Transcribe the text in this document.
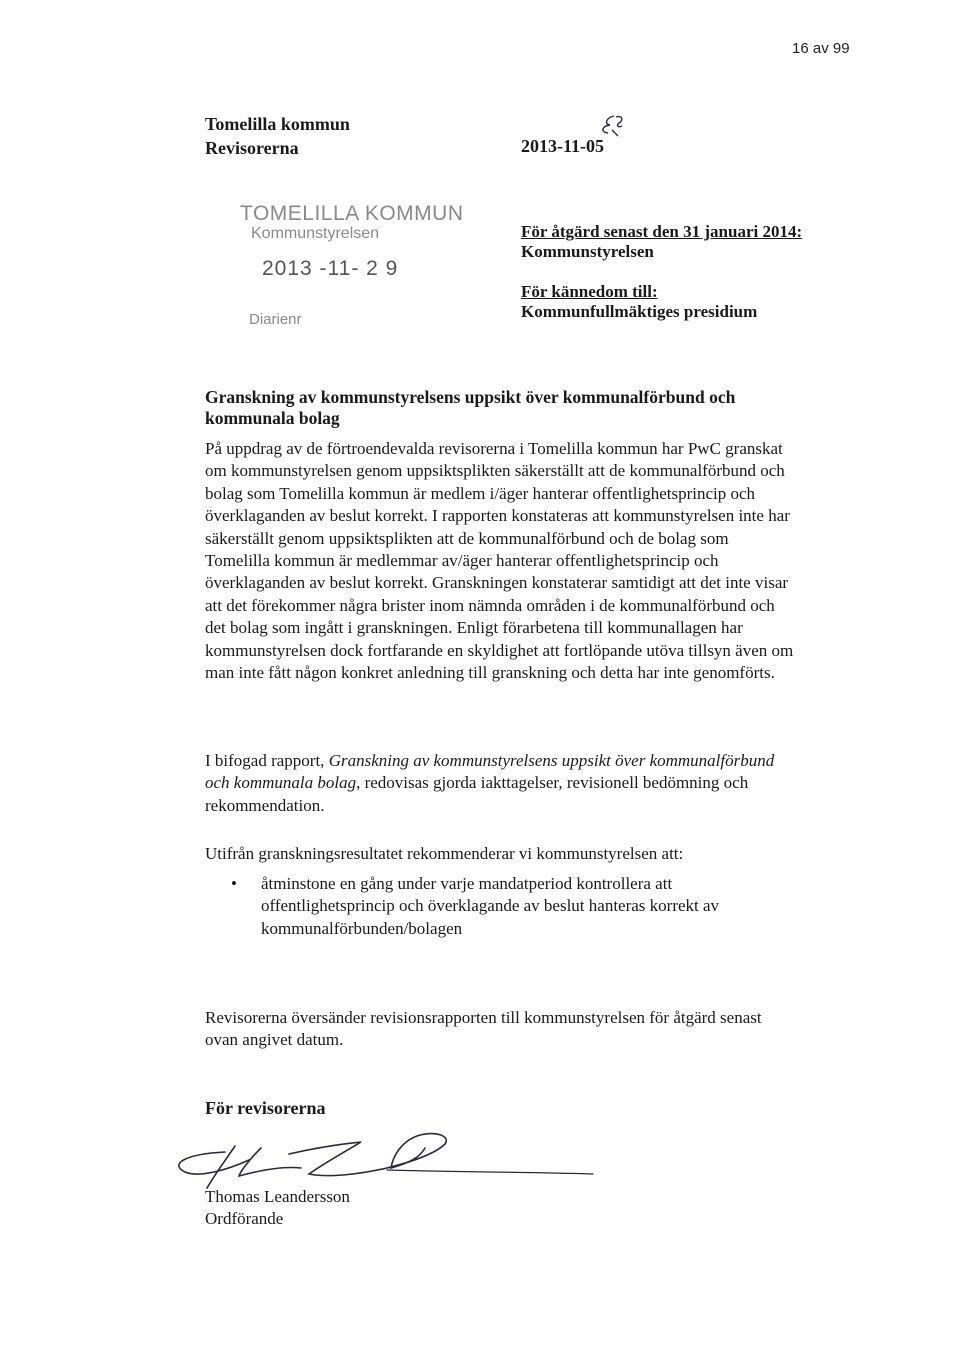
16 av 99
Tomelilla kommun
Revisorerna	2013-11-05
TOMELILLA KOMMUN
Kommunstyrelsen
2013 -11- 2 9
Diarienr
För åtgärd senast den 31 januari 2014:
Kommunstyrelsen
För kännedom till:
Kommunfullmäktiges presidium
Granskning av kommunstyrelsens uppsikt över kommunalförbund och kommunala bolag
På uppdrag av de förtroendevalda revisorerna i Tomelilla kommun har PwC granskat om kommunstyrelsen genom uppsiktsplikten säkerställt att de kommunalförbund och bolag som Tomelilla kommun är medlem i/äger hanterar offentlighetsprincip och överklaganden av beslut korrekt. I rapporten konstateras att kommunstyrelsen inte har säkerställt genom uppsiktsplikten att de kommunalförbund och de bolag som Tomelilla kommun är medlemmar av/äger hanterar offentlighetsprincip och överklaganden av beslut korrekt. Granskningen konstaterar samtidigt att det inte visar att det förekommer några brister inom nämnda områden i de kommunalförbund och det bolag som ingått i granskningen. Enligt förarbetena till kommunallagen har kommunstyrelsen dock fortfarande en skyldighet att fortlöpande utöva tillsyn även om man inte fått någon konkret anledning till granskning och detta har inte genomförts.
I bifogad rapport, Granskning av kommunstyrelsens uppsikt över kommunalförbund och kommunala bolag, redovisas gjorda iakttagelser, revisionell bedömning och rekommendation.
Utifrån granskningsresultatet rekommenderar vi kommunstyrelsen att:
• åtminstone en gång under varje mandatperiod kontrollera att offentlighetsprincip och överklagande av beslut hanteras korrekt av kommunalförbunden/bolagen
Revisorerna översänder revisionsrapporten till kommunstyrelsen för åtgärd senast ovan angivet datum.
För revisorerna
Thomas Leandersson
Ordförande
